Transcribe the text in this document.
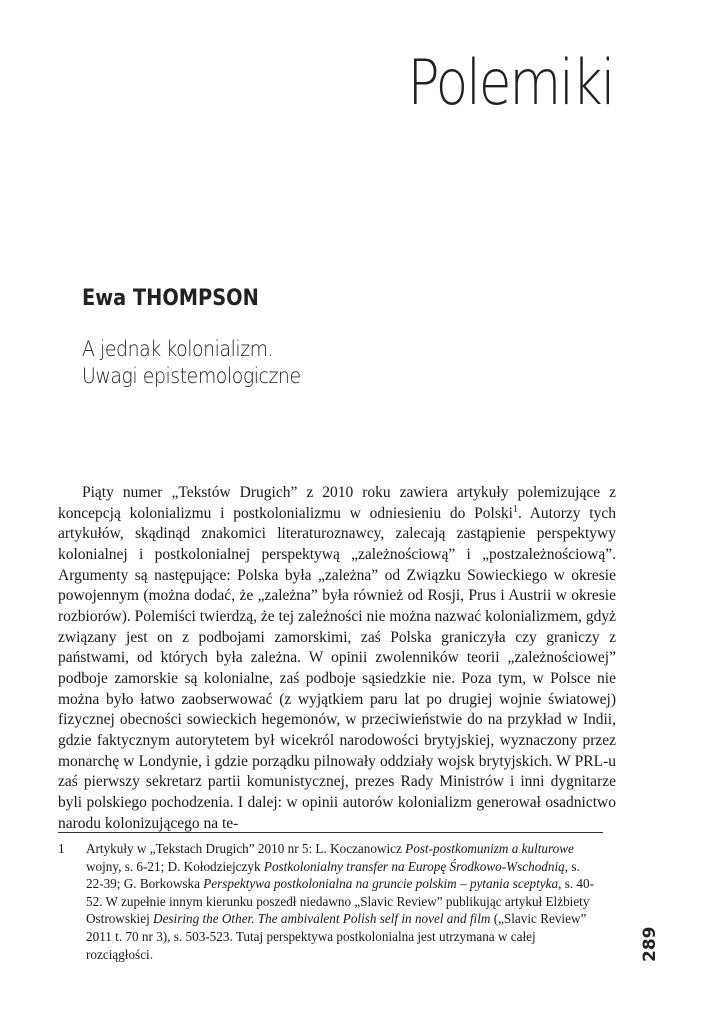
Polemiki
Ewa THOMPSON
A jednak kolonializm.
Uwagi epistemologiczne

Piąty numer „Tekstów Drugich” z 2010 roku zawiera artykuły polemizujące z koncepcją kolonializmu i postkolonializmu w odniesieniu do Polski$^1$. Autorzy tych artykułów, skądinąd znakomici literaturoznawcy, zalecają zastąpienie perspektywy kolonialnej i postkolonialnej perspektywą „zależnościową” i „postzależnościową”. Argumenty są następujące: Polska była „zależna” od Związku Sowieckiego w okresie powojennym (można dodać, że „zależna” była również od Rosji, Prus i Austrii w okresie rozbiorów). Polemiści twierdzą, że tej zależności nie można nazwać kolonializmem, gdyż związany jest on z podbojami zamorskimi, zaś Polska graniczyła czy graniczy z państwami, od których była zależna. W opinii zwolenników teorii „zależnościowej” podboje zamorskie są kolonialne, zaś podboje sąsiedzkie nie. Poza tym, w Polsce nie można było łatwo zaobserwować (z wyjątkiem paru lat po drugiej wojnie światowej) fizycznej obecności sowieckich hegemonów, w przeciwieństwie do na przykład w Indii, gdzie faktycznym autorytetem był wicekról narodowości brytyjskiej, wyznaczony przez monarchę w Londynie, i gdzie porządku pilnowały oddziały wojsk brytyjskich. W PRL-u zaś pierwszy sekretarz partii komunistycznej, prezes Rady Ministrów i inni dygnitarze byli polskiego pochodzenia. I dalej: w opinii autorów kolonializm generował osadnictwo narodu kolonizującego na te-

1 Artykuły w „Tekstach Drugich” 2010 nr 5: L. Koczanowicz Post-postkomunizm a kulturowe wojny, s. 6-21; D. Kołodziejczyk Postkolonialny transfer na Europę Środkowo-Wschodnią, s. 22-39; G. Borkowska Perspektywa postkolonialna na gruncie polskim – pytania sceptyka, s. 40-52. W zupełnie innym kierunku poszedł niedawno „Slavic Review” publikując artykuł Elżbiety Ostrowskiej Desiring the Other. The ambivalent Polish self in novel and film („Slavic Review” 2011 t. 70 nr 3), s. 503-523. Tutaj perspektywa postkolonialna jest utrzymana w całej rozciągłości.	289
